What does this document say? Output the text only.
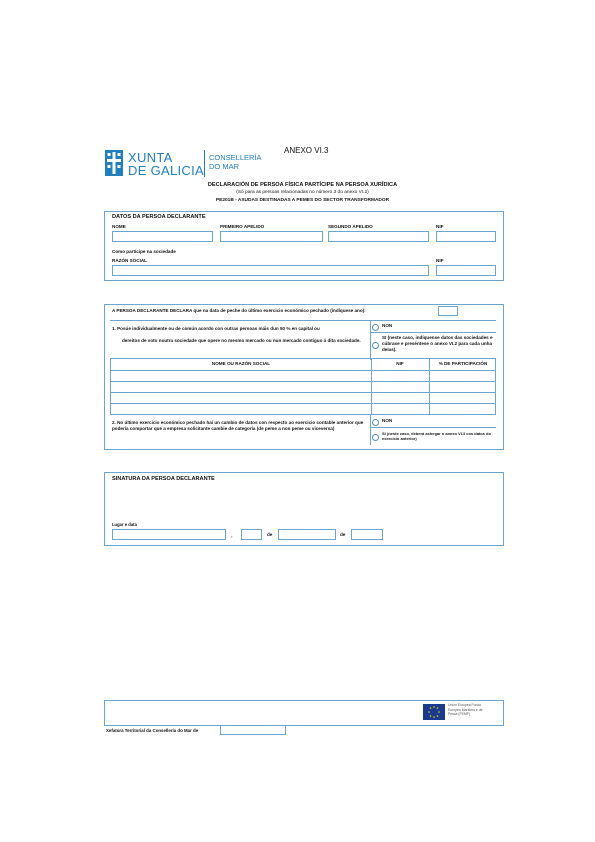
XUNTA
DE GALICIA
CONSELLERÍA
DO MAR
ANEXO VI.3
DECLARACIÓN DE PERSOA FÍSICA PARTÍCIPE NA PERSOA XURÍDICA
(Só para as persoas relacionadas no número 3 do anexo VI.2)
PE201B - AXUDAS DESTINADAS A PEMES DO SECTOR TRANSFORMADOR
DATOS DA PERSOA DECLARANTE
NOME	PRIMEIRO APELIDO	SEGUNDO APELIDO	NIF
Como partícipe na sociedade
RAZÓN SOCIAL	NIF
A PERSOA DECLARANTE DECLARA que na data de peche do último exercicio económico pechado (indíquese ano):
1. Posúe individualmente ou de común acordo con outras persoas máis dun 50 % en capital ou
dereitos de voto noutra sociedade que opere no mesmo mercado ou nun mercado contiguo á dita sociedade.
NON
SI (neste caso, indíquense datos das sociedades e cúbrase e preséntese o anexo VI.2 para cada unha delas).
NOME OU RAZÓN SOCIAL	NIF	% DE PARTICIPACIÓN
2. No último exercicio económico pechado hai un cambio de datos con respecto ao exercicio contable anterior que podería comportar que a empresa solicitante cambie de categoría (de peme a non peme ou viceversa)
NON
SI (neste caso, deberá achegar o anexo VI.3 cos datos do exercicio anterior)
SINATURA DA PERSOA DECLARANTE
Lugar e data
,	de	de
Unión Europea Fondo Europeo Marítimo e de Pesca (FEMP)
Xefatura Territorial da Consellería do Mar de
